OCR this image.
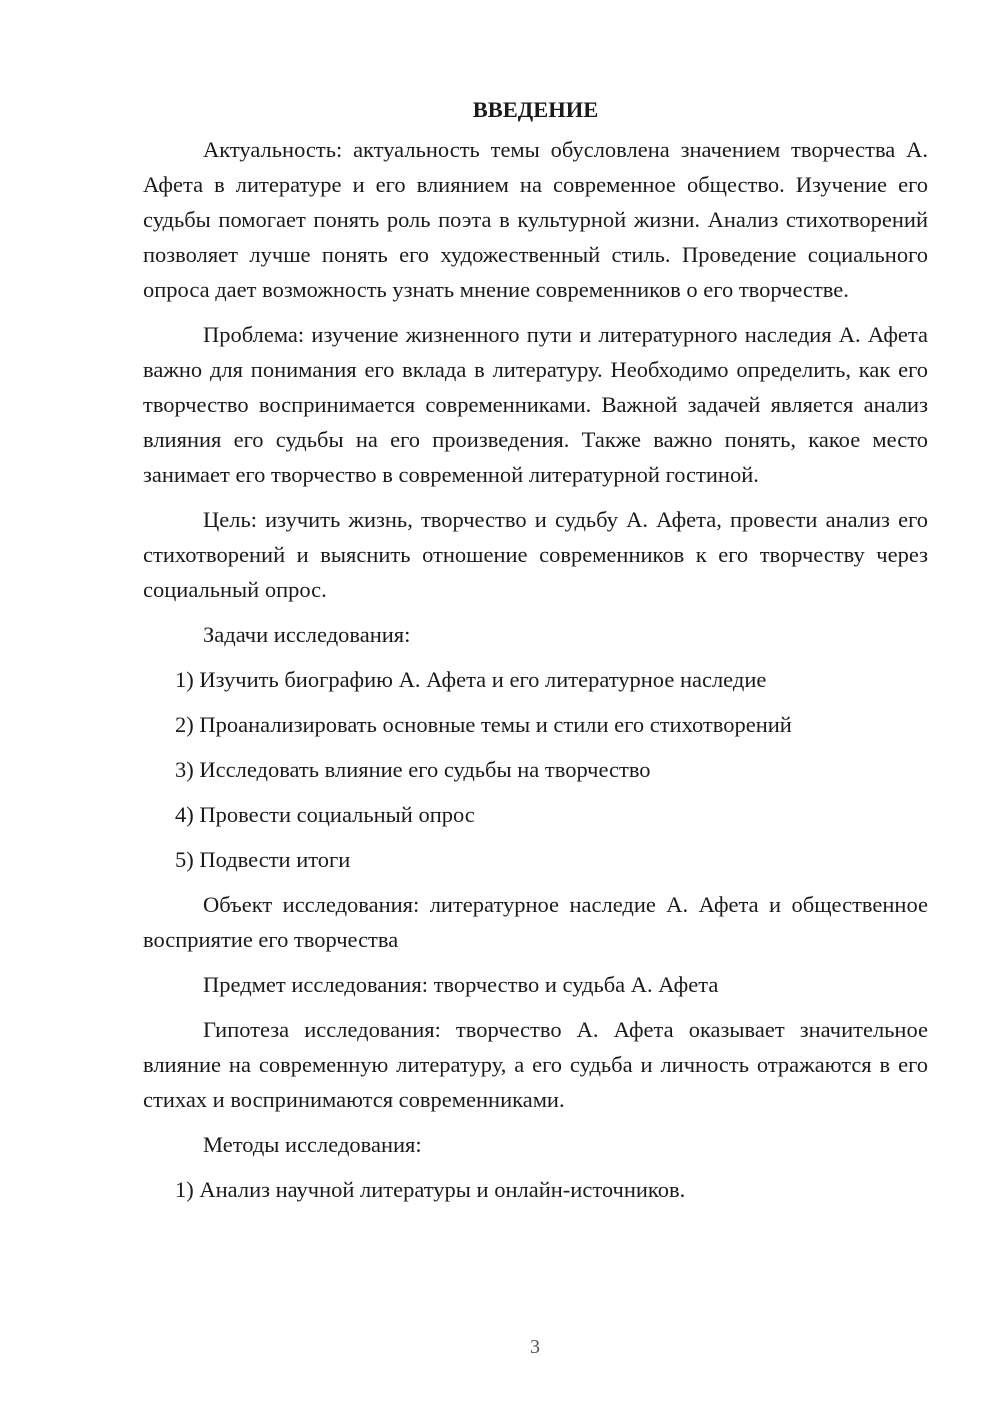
ВВЕДЕНИЕ

Актуальность: актуальность темы обусловлена значением творчества А. Афета в литературе и его влиянием на современное общество. Изучение его судьбы помогает понять роль поэта в культурной жизни. Анализ стихотворений позволяет лучше понять его художественный стиль. Проведение социального опроса дает возможность узнать мнение современников о его творчестве.

Проблема: изучение жизненного пути и литературного наследия А. Афета важно для понимания его вклада в литературу. Необходимо определить, как его творчество воспринимается современниками. Важной задачей является анализ влияния его судьбы на его произведения. Также важно понять, какое место занимает его творчество в современной литературной гостиной.

Цель: изучить жизнь, творчество и судьбу А. Афета, провести анализ его стихотворений и выяснить отношение современников к его творчеству через социальный опрос.

Задачи исследования:

1) Изучить биографию А. Афета и его литературное наследие

2) Проанализировать основные темы и стили его стихотворений

3) Исследовать влияние его судьбы на творчество

4) Провести социальный опрос

5) Подвести итоги

Объект исследования: литературное наследие А. Афета и общественное восприятие его творчества

Предмет исследования: творчество и судьба А. Афета

Гипотеза исследования: творчество А. Афета оказывает значительное влияние на современную литературу, а его судьба и личность отражаются в его стихах и воспринимаются современниками.

Методы исследования:

1) Анализ научной литературы и онлайн-источников.

3
